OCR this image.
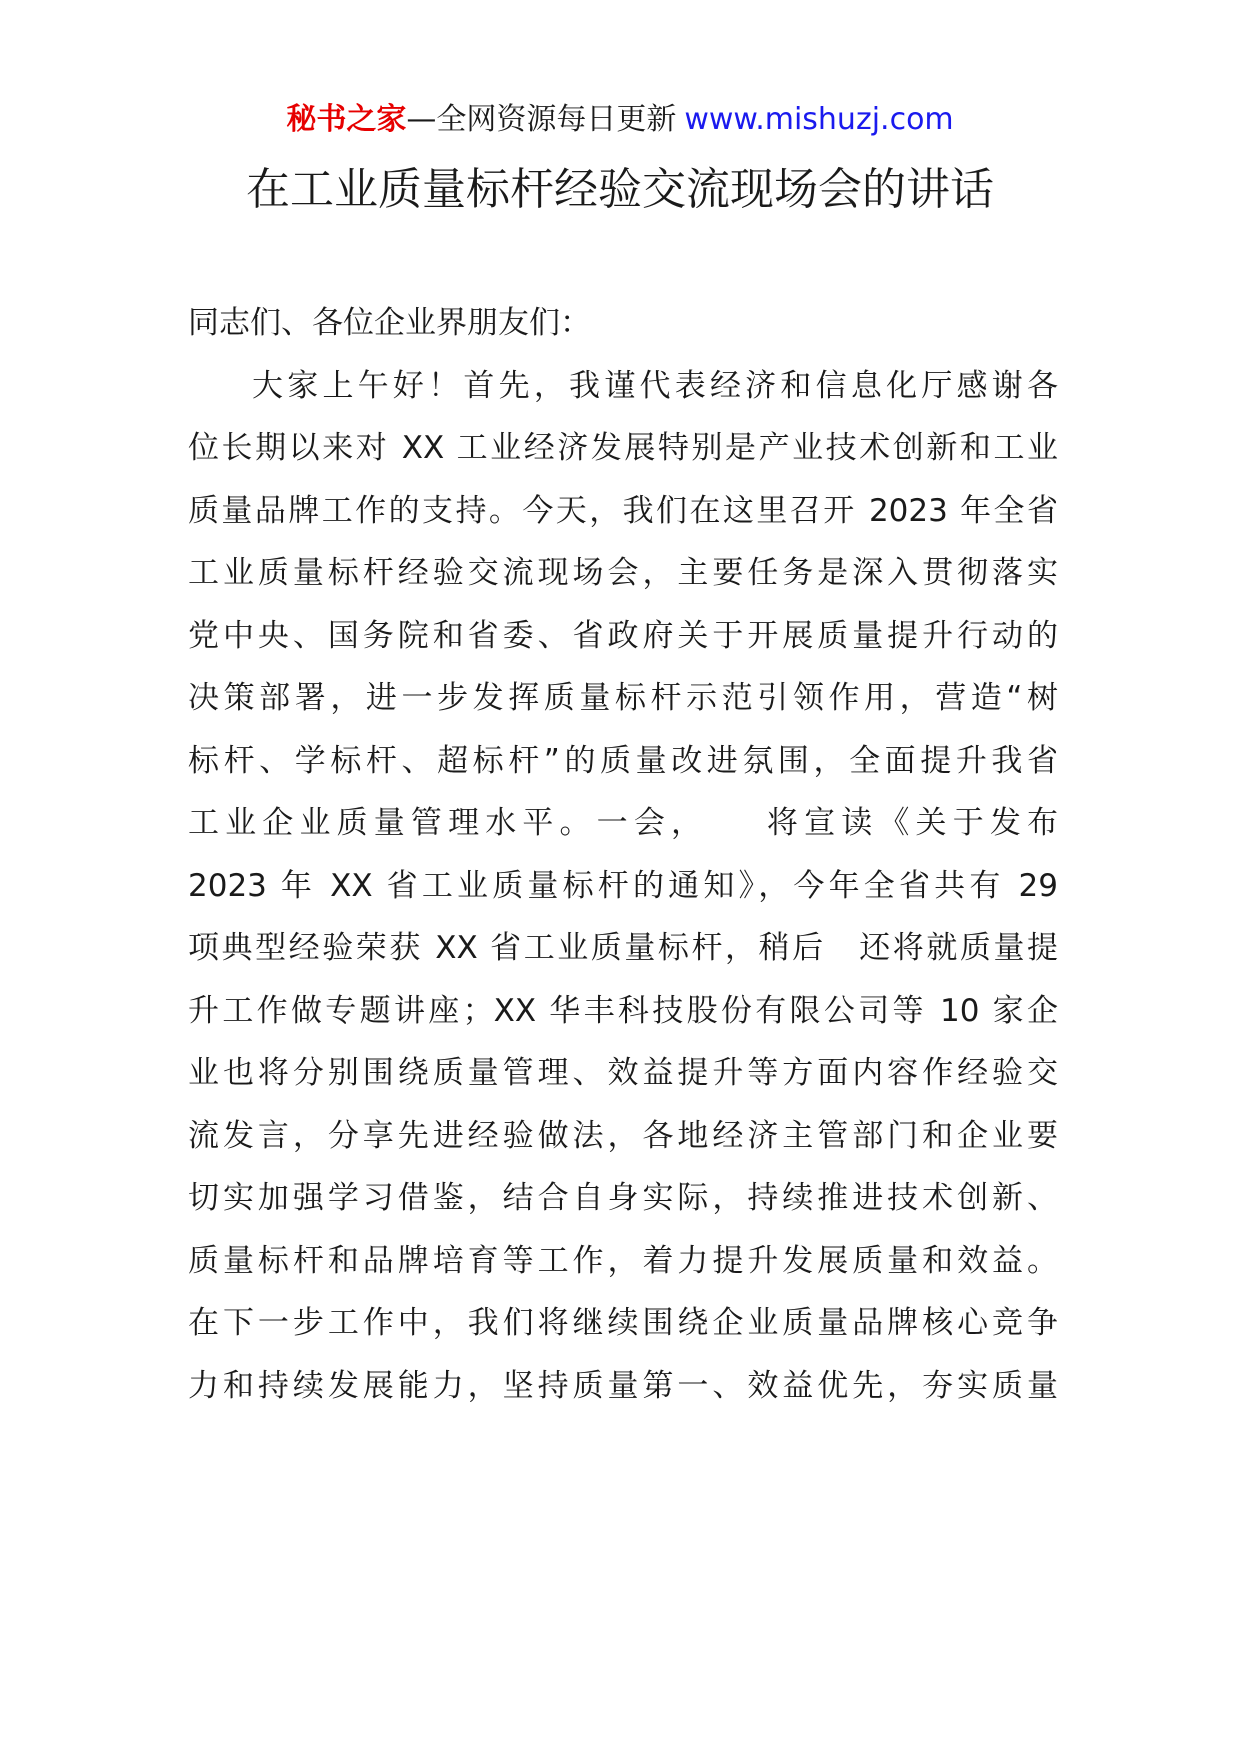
秘书之家—全网资源每日更新 www.mishuzj.com
在工业质量标杆经验交流现场会的讲话
同志们、各位企业界朋友们：
大家上午好！首先，我谨代表经济和信息化厅感谢各
位长期以来对 XX 工业经济发展特别是产业技术创新和工业
质量品牌工作的支持。今天，我们在这里召开 2023 年全省
工业质量标杆经验交流现场会，主要任务是深入贯彻落实
党中央、国务院和省委、省政府关于开展质量提升行动的
决策部署，进一步发挥质量标杆示范引领作用，营造“树
标杆、学标杆、超标杆”的质量改进氛围，全面提升我省
工业企业质量管理水平。一会，　　将宣读《关于发布
2023 年 XX 省工业质量标杆的通知》，今年全省共有 29
项典型经验荣获 XX 省工业质量标杆，稍后　还将就质量提
升工作做专题讲座；XX 华丰科技股份有限公司等 10 家企
业也将分别围绕质量管理、效益提升等方面内容作经验交
流发言，分享先进经验做法，各地经济主管部门和企业要
切实加强学习借鉴，结合自身实际，持续推进技术创新、
质量标杆和品牌培育等工作，着力提升发展质量和效益。
在下一步工作中，我们将继续围绕企业质量品牌核心竞争
力和持续发展能力，坚持质量第一、效益优先，夯实质量
